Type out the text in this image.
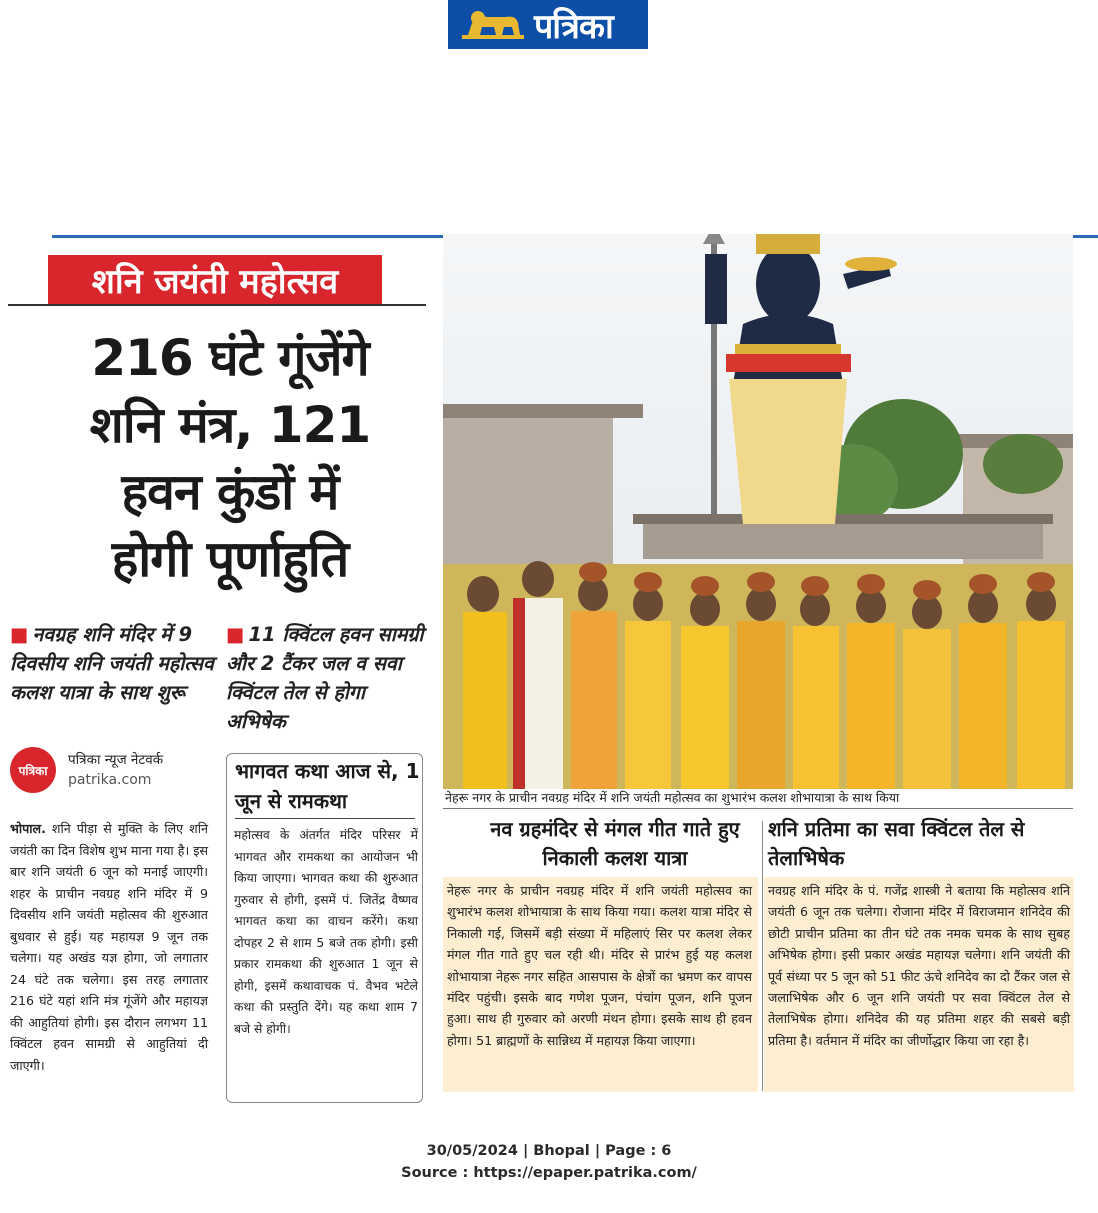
पत्रिका
शनि जयंती महोत्सव
216 घंटे गूंजेंगे
शनि मंत्र, 121
हवन कुंडों में
होगी पूर्णाहुति
■ नवग्रह शनि मंदिर में 9 दिवसीय शनि जयंती महोत्सव कलश यात्रा के साथ शुरू
■ 11 क्विंटल हवन सामग्री और 2 टैंकर जल व सवा क्विंटल तेल से होगा अभिषेक
पत्रिका
पत्रिका न्यूज नेटवर्क
patrika.com
भोपाल. शनि पीड़ा से मुक्ति के लिए शनि जयंती का दिन विशेष शुभ माना गया है। इस बार शनि जयंती 6 जून को मनाई जाएगी। शहर के प्राचीन नवग्रह शनि मंदिर में 9 दिवसीय शनि जयंती महोत्सव की शुरुआत बुधवार से हुई। यह महायज्ञ 9 जून तक चलेगा। यह अखंड यज्ञ होगा, जो लगातार 24 घंटे तक चलेगा। इस तरह लगातार 216 घंटे यहां शनि मंत्र गूंजेंगे और महायज्ञ की आहुतियां होगी। इस दौरान लगभग 11 क्विंटल हवन सामग्री से आहुतियां दी जाएगी।
भागवत कथा आज से, 1 जून से रामकथा
महोत्सव के अंतर्गत मंदिर परिसर में भागवत और रामकथा का आयोजन भी किया जाएगा। भागवत कथा की शुरुआत गुरुवार से होगी, इसमें पं. जितेंद्र वैष्णव भागवत कथा का वाचन करेंगे। कथा दोपहर 2 से शाम 5 बजे तक होगी। इसी प्रकार रामकथा की शुरुआत 1 जून से होगी, इसमें कथावाचक पं. वैभव भटेले कथा की प्रस्तुति देंगे। यह कथा शाम 7 बजे से होगी।
नेहरू नगर के प्राचीन नवग्रह मंदिर में शनि जयंती महोत्सव का शुभारंभ कलश शोभायात्रा के साथ किया
नव ग्रहमंदिर से मंगल गीत गाते हुए निकाली कलश यात्रा
शनि प्रतिमा का सवा क्विंटल तेल से तेलाभिषेक
नेहरू नगर के प्राचीन नवग्रह मंदिर में शनि जयंती महोत्सव का शुभारंभ कलश शोभायात्रा के साथ किया गया। कलश यात्रा मंदिर से निकाली गई, जिसमें बड़ी संख्या में महिलाएं सिर पर कलश लेकर मंगल गीत गाते हुए चल रही थी। मंदिर से प्रारंभ हुई यह कलश शोभायात्रा नेहरू नगर सहित आसपास के क्षेत्रों का भ्रमण कर वापस मंदिर पहुंची। इसके बाद गणेश पूजन, पंचांग पूजन, शनि पूजन हुआ। साथ ही गुरुवार को अरणी मंथन होगा। इसके साथ ही हवन होगा। 51 ब्राह्मणों के सान्निध्य में महायज्ञ किया जाएगा।
नवग्रह शनि मंदिर के पं. गजेंद्र शास्त्री ने बताया कि महोत्सव शनि जयंती 6 जून तक चलेगा। रोजाना मंदिर में विराजमान शनिदेव की छोटी प्राचीन प्रतिमा का तीन घंटे तक नमक चमक के साथ सुबह अभिषेक होगा। इसी प्रकार अखंड महायज्ञ चलेगा। शनि जयंती की पूर्व संध्या पर 5 जून को 51 फीट ऊंचे शनिदेव का दो टैंकर जल से जलाभिषेक और 6 जून शनि जयंती पर सवा क्विंटल तेल से तेलाभिषेक होगा। शनिदेव की यह प्रतिमा शहर की सबसे बड़ी प्रतिमा है। वर्तमान में मंदिर का जीर्णोद्धार किया जा रहा है।
30/05/2024 | Bhopal | Page : 6
Source : https://epaper.patrika.com/
